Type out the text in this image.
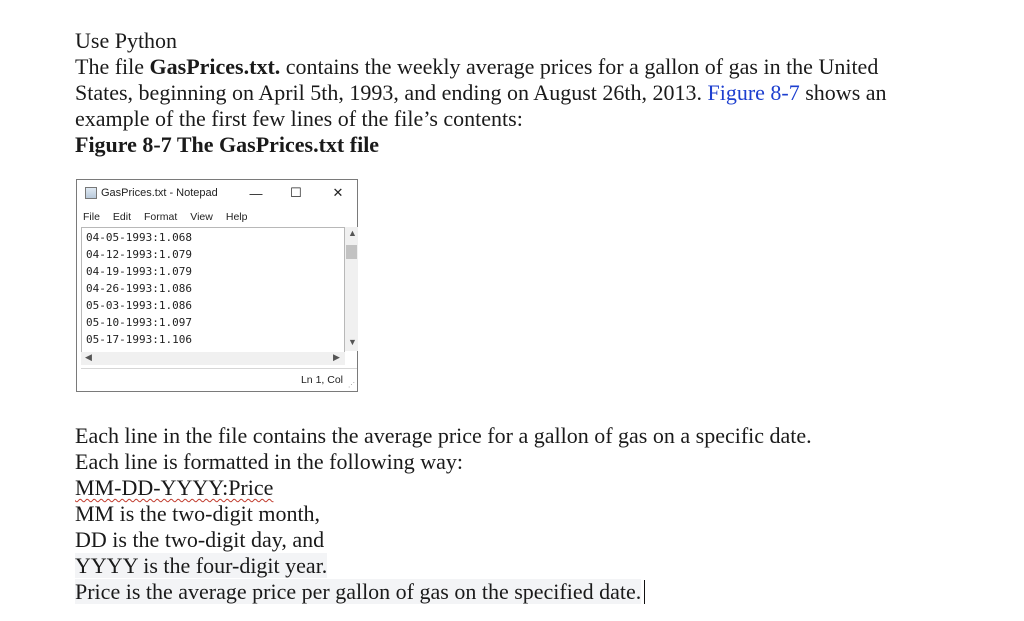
Use Python
The file GasPrices.txt. contains the weekly average prices for a gallon of gas in the United
States, beginning on April 5th, 1993, and ending on August 26th, 2013. Figure 8-7 shows an
example of the first few lines of the file’s contents:
Figure 8-7 The GasPrices.txt file
GasPrices.txt - Notepad	—	☐	✕
File Edit Format View Help
04-05-1993:1.068
04-12-1993:1.079
04-19-1993:1.079
04-26-1993:1.086
05-03-1993:1.086
05-10-1993:1.097
05-17-1993:1.106
▲
▼
◀	▶
Ln 1, Col ⋰
Each line in the file contains the average price for a gallon of gas on a specific date.
Each line is formatted in the following way:
MM-DD-YYYY:Price
MM is the two-digit month,
DD is the two-digit day, and
YYYY is the four-digit year.
Price is the average price per gallon of gas on the specified date.
